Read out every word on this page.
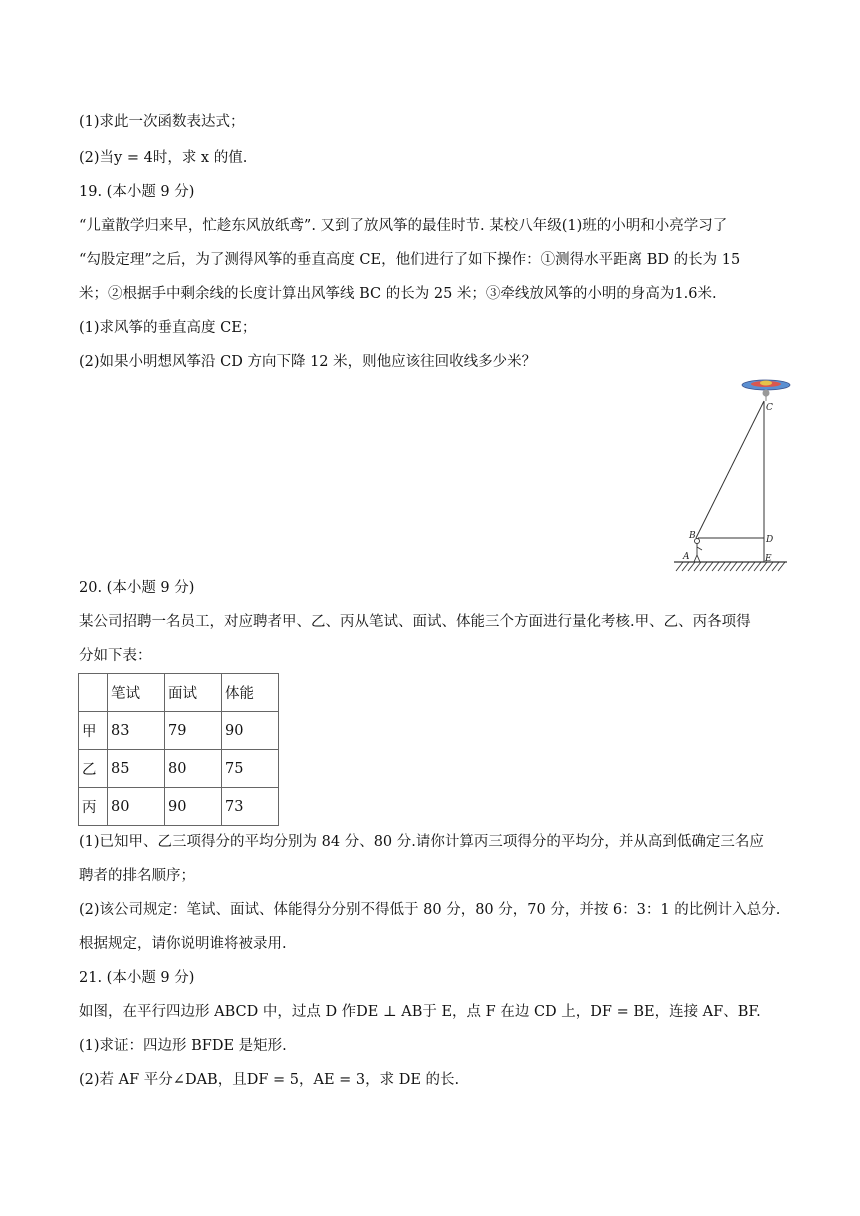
(1)求此一次函数表达式；
(2)当y = 4时，求 x 的值.
19. (本小题 9 分)
“儿童散学归来早，忙趁东风放纸鸢”. 又到了放风筝的最佳时节. 某校八年级(1)班的小明和小亮学习了
“勾股定理”之后，为了测得风筝的垂直高度 CE，他们进行了如下操作：①测得水平距离 BD 的长为 15
米；②根据手中剩余线的长度计算出风筝线 BC 的长为 25 米；③牵线放风筝的小明的身高为1.6米.
(1)求风筝的垂直高度 CE；
(2)如果小明想风筝沿 CD 方向下降 12 米，则他应该往回收线多少米？
C
B	D
A	E
20. (本小题 9 分)
某公司招聘一名员工，对应聘者甲、乙、丙从笔试、面试、体能三个方面进行量化考核.甲、乙、丙各项得
分如下表：
	笔试	面试	体能
甲	83	79	90
乙	85	80	75
丙	80	90	73
(1)已知甲、乙三项得分的平均分别为 84 分、80 分.请你计算丙三项得分的平均分，并从高到低确定三名应
聘者的排名顺序；
(2)该公司规定：笔试、面试、体能得分分别不得低于 80 分，80 分，70 分，并按 6：3：1 的比例计入总分.
根据规定，请你说明谁将被录用.
21. (本小题 9 分)
如图，在平行四边形 ABCD 中，过点 D 作DE ⊥ AB于 E，点 F 在边 CD 上，DF = BE，连接 AF、BF.
(1)求证：四边形 BFDE 是矩形.
(2)若 AF 平分∠DAB，且DF = 5，AE = 3，求 DE 的长.
